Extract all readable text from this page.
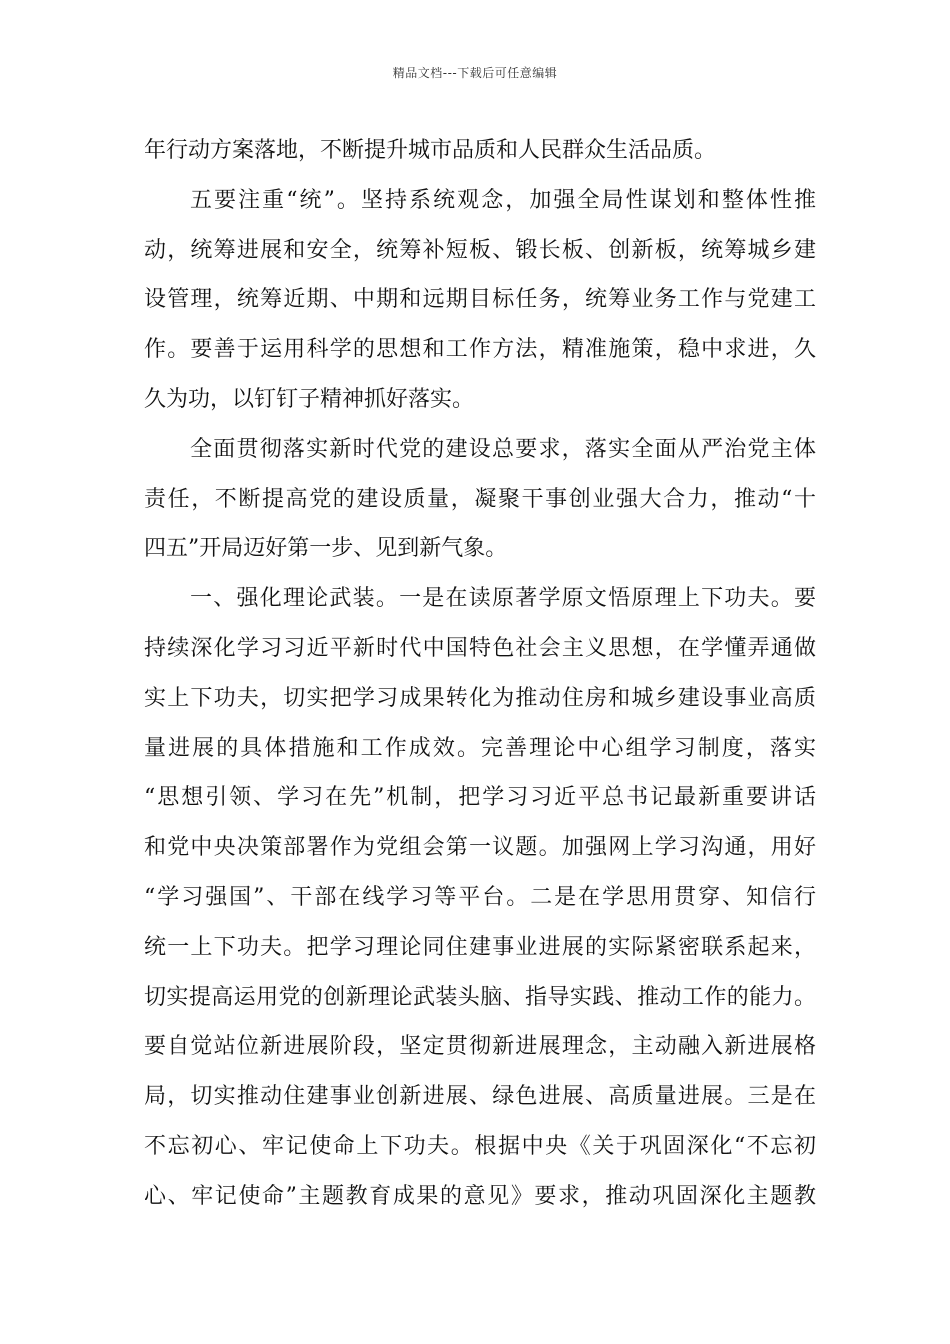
精品文档---下载后可任意编辑
年行动方案落地，不断提升城市品质和人民群众生活品质。
五要注重“统”。坚持系统观念，加强全局性谋划和整体性推
动，统筹进展和安全，统筹补短板、锻长板、创新板，统筹城乡建
设管理，统筹近期、中期和远期目标任务，统筹业务工作与党建工
作。要善于运用科学的思想和工作方法，精准施策，稳中求进，久
久为功，以钉钉子精神抓好落实。
全面贯彻落实新时代党的建设总要求，落实全面从严治党主体
责任，不断提高党的建设质量，凝聚干事创业强大合力，推动“十
四五”开局迈好第一步、见到新气象。
一、强化理论武装。一是在读原著学原文悟原理上下功夫。要
持续深化学习习近平新时代中国特色社会主义思想，在学懂弄通做
实上下功夫，切实把学习成果转化为推动住房和城乡建设事业高质
量进展的具体措施和工作成效。完善理论中心组学习制度，落实
“思想引领、学习在先”机制，把学习习近平总书记最新重要讲话
和党中央决策部署作为党组会第一议题。加强网上学习沟通，用好
“学习强国”、干部在线学习等平台。二是在学思用贯穿、知信行
统一上下功夫。把学习理论同住建事业进展的实际紧密联系起来，
切实提高运用党的创新理论武装头脑、指导实践、推动工作的能力。
要自觉站位新进展阶段，坚定贯彻新进展理念，主动融入新进展格
局，切实推动住建事业创新进展、绿色进展、高质量进展。三是在
不忘初心、牢记使命上下功夫。根据中央《关于巩固深化“不忘初
心、牢记使命”主题教育成果的意见》要求，推动巩固深化主题教
